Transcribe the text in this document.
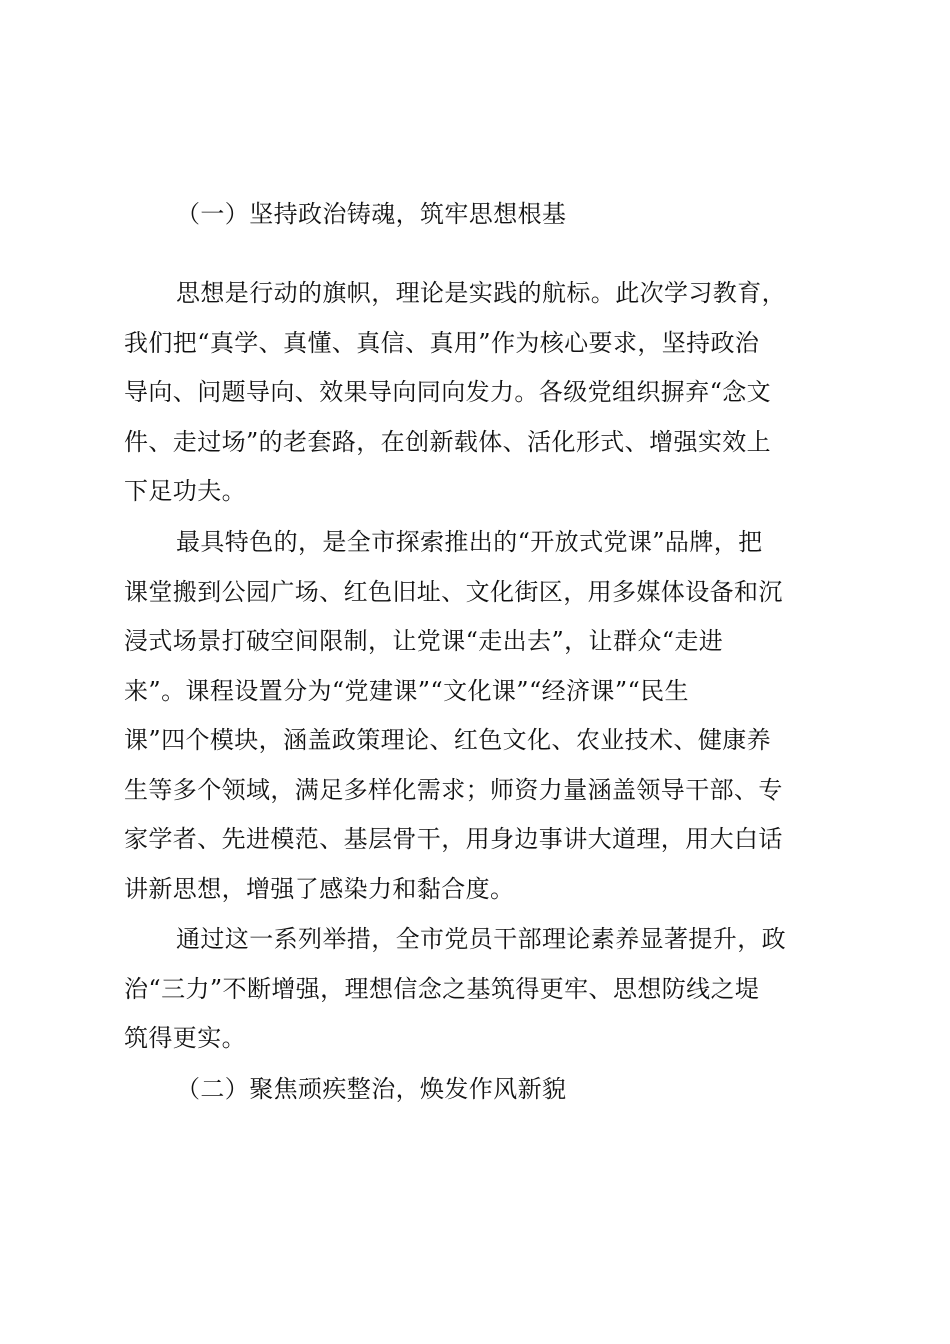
（一）坚持政治铸魂，筑牢思想根基
思想是行动的旗帜，理论是实践的航标。此次学习教育，
我们把“真学、真懂、真信、真用”作为核心要求，坚持政治
导向、问题导向、效果导向同向发力。各级党组织摒弃“念文
件、走过场”的老套路，在创新载体、活化形式、增强实效上
下足功夫。
最具特色的，是全市探索推出的“开放式党课”品牌，把
课堂搬到公园广场、红色旧址、文化街区，用多媒体设备和沉
浸式场景打破空间限制，让党课“走出去”，让群众“走进
来”。课程设置分为“党建课”“文化课”“经济课”“民生
课”四个模块，涵盖政策理论、红色文化、农业技术、健康养
生等多个领域，满足多样化需求；师资力量涵盖领导干部、专
家学者、先进模范、基层骨干，用身边事讲大道理，用大白话
讲新思想，增强了感染力和黏合度。
通过这一系列举措，全市党员干部理论素养显著提升，政
治“三力”不断增强，理想信念之基筑得更牢、思想防线之堤
筑得更实。
（二）聚焦顽疾整治，焕发作风新貌
